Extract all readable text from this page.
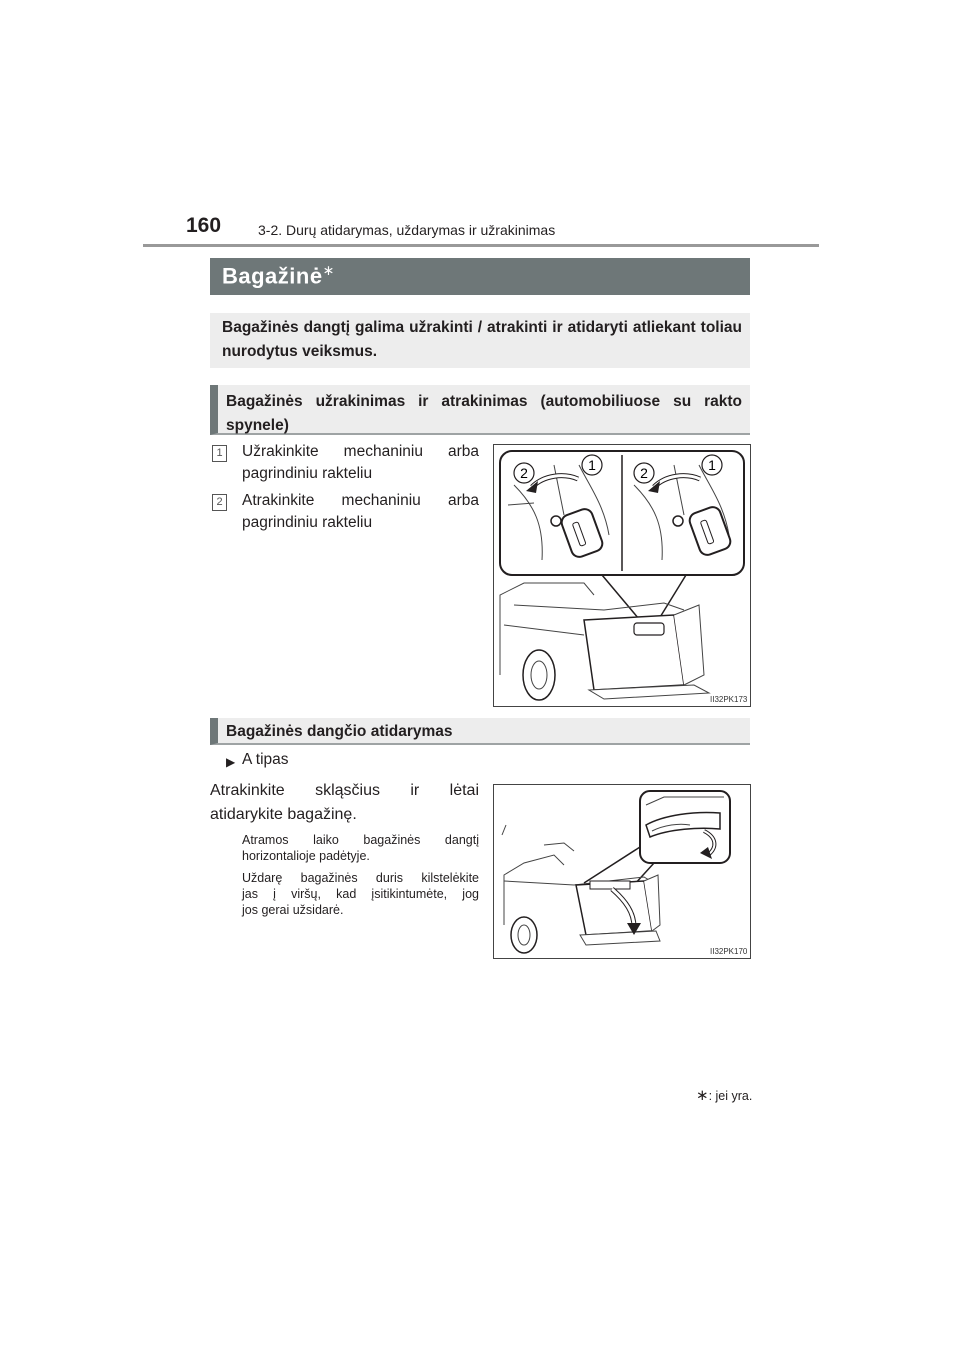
160	3-2. Durų atidarymas, uždarymas ir užrakinimas
Bagažinė∗
Bagažinės dangtį galima užrakinti / atrakinti ir atidaryti atliekant toliau nurodytus veiksmus.
Bagažinės užrakinimas ir atrakinimas (automobiliuose su rakto spynele)
1 Užrakinkite mechaniniu arba
pagrindiniu rakteliu
2 Atrakinkite mechaniniu arba
pagrindiniu rakteliu
2	1	2	1
II32PK173
Bagažinės dangčio atidarymas
▶ A tipas
Atrakinkite skląsčius ir lėtai
atidarykite bagažinę.
Atramos laiko bagažinės dangtį
horizontalioje padėtyje.
Uždarę bagažinės duris kilstelėkite
jas į viršų, kad įsitikintumėte, jog
jos gerai užsidarė.
II32PK170
∗: jei yra.
